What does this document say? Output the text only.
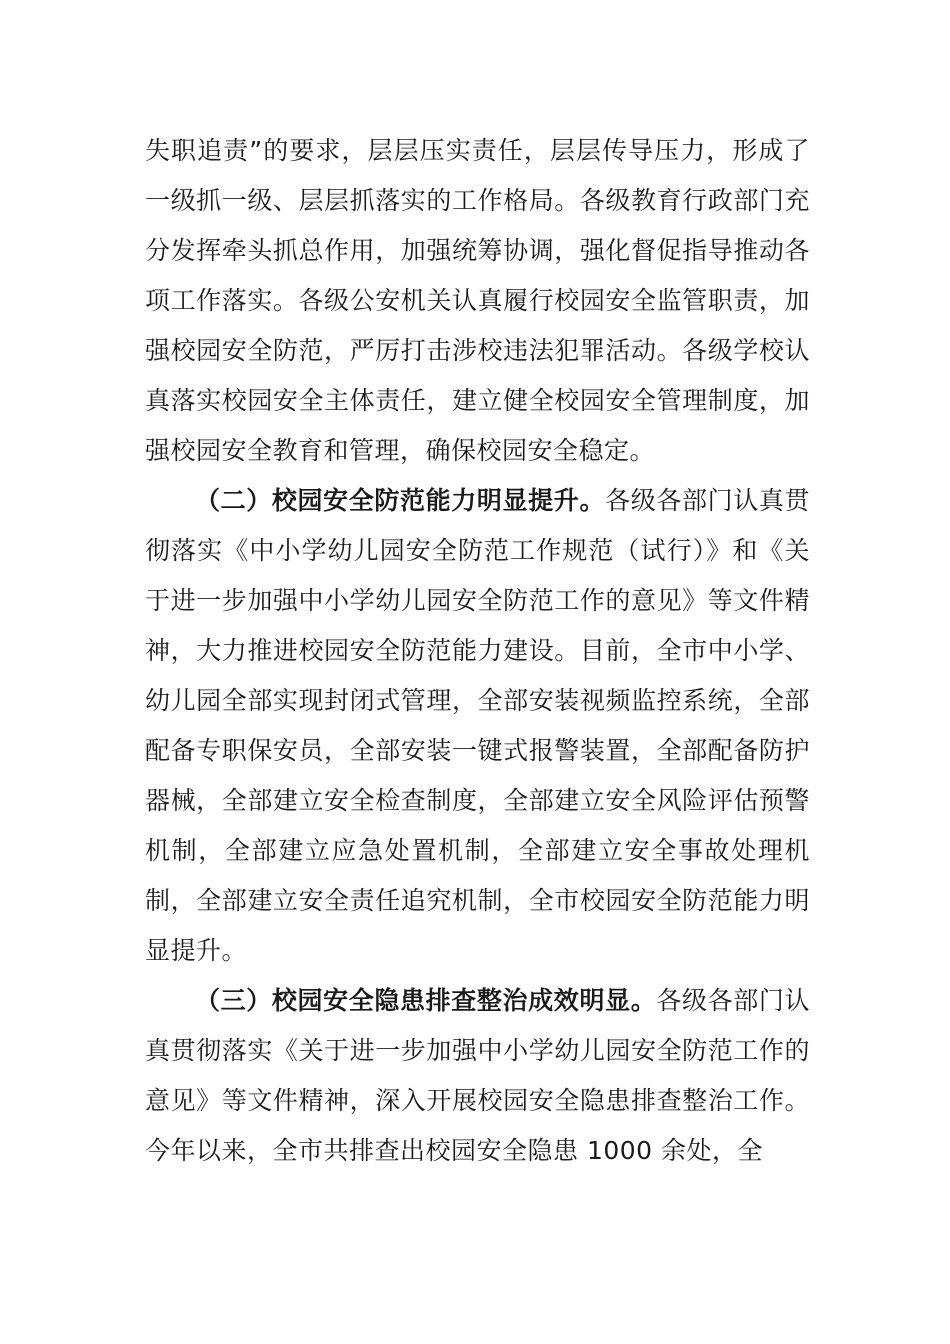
失职追责”的要求，层层压实责任，层层传导压力，形成了一级抓一级、层层抓落实的工作格局。各级教育行政部门充分发挥牵头抓总作用，加强统筹协调，强化督促指导推动各项工作落实。各级公安机关认真履行校园安全监管职责，加强校园安全防范，严厉打击涉校违法犯罪活动。各级学校认真落实校园安全主体责任，建立健全校园安全管理制度，加强校园安全教育和管理，确保校园安全稳定。

（二）校园安全防范能力明显提升。各级各部门认真贯彻落实《中小学幼儿园安全防范工作规范（试行）》和《关于进一步加强中小学幼儿园安全防范工作的意见》等文件精神，大力推进校园安全防范能力建设。目前，全市中小学、幼儿园全部实现封闭式管理，全部安装视频监控系统，全部配备专职保安员，全部安装一键式报警装置，全部配备防护器械，全部建立安全检查制度，全部建立安全风险评估预警机制，全部建立应急处置机制，全部建立安全事故处理机制，全部建立安全责任追究机制，全市校园安全防范能力明显提升。

（三）校园安全隐患排查整治成效明显。各级各部门认真贯彻落实《关于进一步加强中小学幼儿园安全防范工作的意见》等文件精神，深入开展校园安全隐患排查整治工作。今年以来，全市共排查出校园安全隐患 1000 余处，全
